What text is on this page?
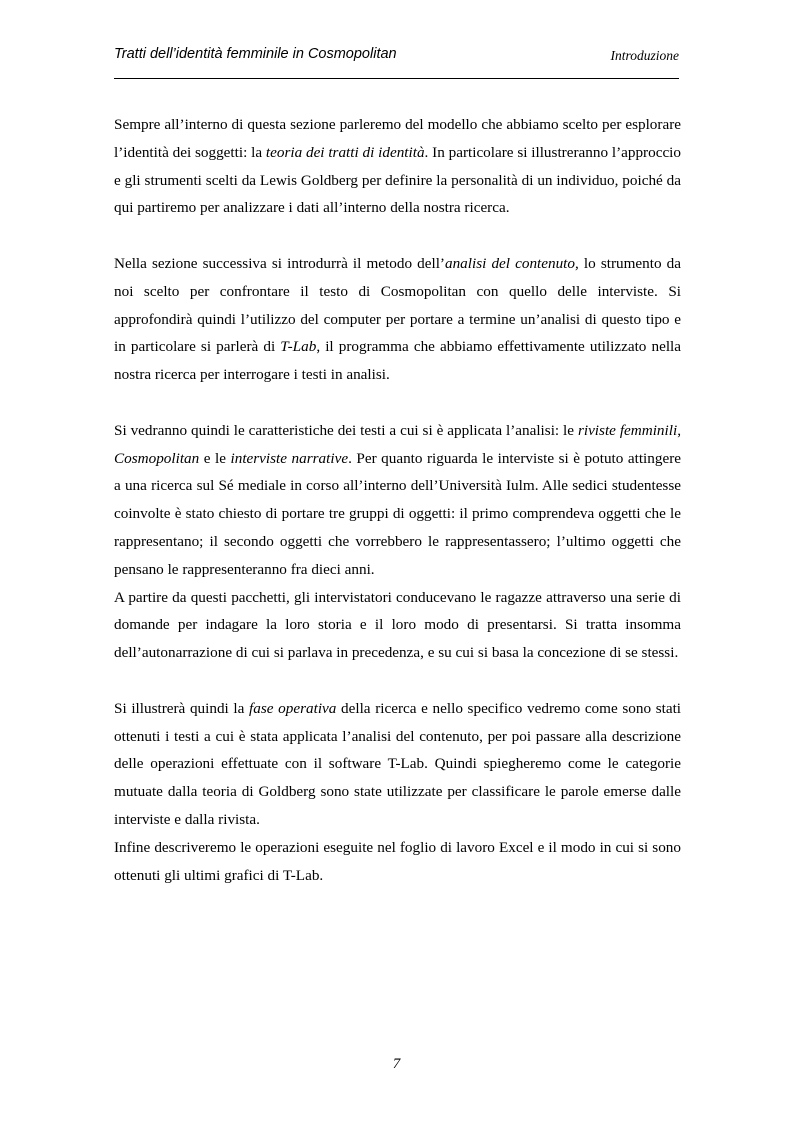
Tratti dell’identità femminile in Cosmopolitan	Introduzione

Sempre all’interno di questa sezione parleremo del modello che abbiamo scelto per esplorare l’identità dei soggetti: la teoria dei tratti di identità. In particolare si illustreranno l’approccio e gli strumenti scelti da Lewis Goldberg per definire la personalità di un individuo, poiché da qui partiremo per analizzare i dati all’interno della nostra ricerca.

Nella sezione successiva si introdurrà il metodo dell’analisi del contenuto, lo strumento da noi scelto per confrontare il testo di Cosmopolitan con quello delle interviste. Si approfondirà quindi l’utilizzo del computer per portare a termine un’analisi di questo tipo e in particolare si parlerà di T-Lab, il programma che abbiamo effettivamente utilizzato nella nostra ricerca per interrogare i testi in analisi.

Si vedranno quindi le caratteristiche dei testi a cui si è applicata l’analisi: le riviste femminili, Cosmopolitan e le interviste narrative. Per quanto riguarda le interviste si è potuto attingere a una ricerca sul Sé mediale in corso all’interno dell’Università Iulm. Alle sedici studentesse coinvolte è stato chiesto di portare tre gruppi di oggetti: il primo comprendeva oggetti che le rappresentano; il secondo oggetti che vorrebbero le rappresentassero; l’ultimo oggetti che pensano le rappresenteranno fra dieci anni.

A partire da questi pacchetti, gli intervistatori conducevano le ragazze attraverso una serie di domande per indagare la loro storia e il loro modo di presentarsi. Si tratta insomma dell’autonarrazione di cui si parlava in precedenza, e su cui si basa la concezione di se stessi.

Si illustrerà quindi la fase operativa della ricerca e nello specifico vedremo come sono stati ottenuti i testi a cui è stata applicata l’analisi del contenuto, per poi passare alla descrizione delle operazioni effettuate con il software T-Lab. Quindi spiegheremo come le categorie mutuate dalla teoria di Goldberg sono state utilizzate per classificare le parole emerse dalle interviste e dalla rivista.

Infine descriveremo le operazioni eseguite nel foglio di lavoro Excel e il modo in cui si sono ottenuti gli ultimi grafici di T-Lab.

7
